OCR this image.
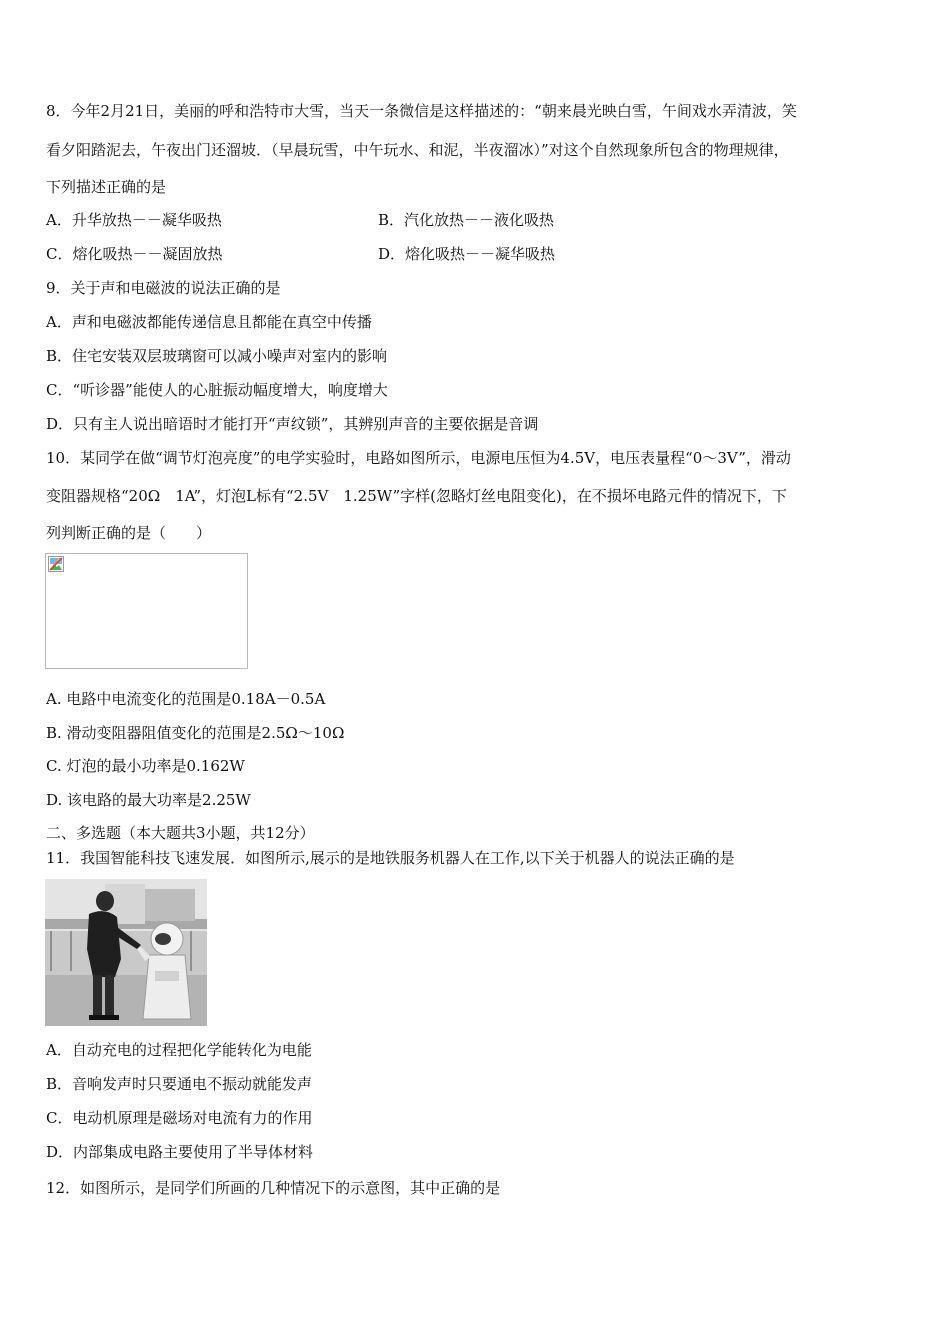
8．今年2月21日，美丽的呼和浩特市大雪，当天一条微信是这样描述的：“朝来晨光映白雪，午间戏水弄清波，笑
看夕阳踏泥去，午夜出门还溜坡．（早晨玩雪，中午玩水、和泥，半夜溜冰）”对这个自然现象所包含的物理规律，
下列描述正确的是
A．升华放热－－凝华吸热	B．汽化放热－－液化吸热
C．熔化吸热－－凝固放热	D．熔化吸热－－凝华吸热
9．关于声和电磁波的说法正确的是
A．声和电磁波都能传递信息且都能在真空中传播
B．住宅安装双层玻璃窗可以减小噪声对室内的影响
C．“听诊器”能使人的心脏振动幅度增大，响度增大
D．只有主人说出暗语时才能打开“声纹锁”，其辨别声音的主要依据是音调
10．某同学在做“调节灯泡亮度”的电学实验时，电路如图所示，电源电压恒为4.5V，电压表量程“0～3V”，滑动
变阻器规格“20Ω　1A”，灯泡L标有“2.5V　1.25W”字样(忽略灯丝电阻变化)，在不损坏电路元件的情况下，下
列判断正确的是（　　）
A. 电路中电流变化的范围是0.18A－0.5A
B. 滑动变阻器阻值变化的范围是2.5Ω～10Ω
C. 灯泡的最小功率是0.162W
D. 该电路的最大功率是2.25W
二、多选题（本大题共3小题，共12分）
11．我国智能科技飞速发展．如图所示,展示的是地铁服务机器人在工作,以下关于机器人的说法正确的是
A．自动充电的过程把化学能转化为电能
B．音响发声时只要通电不振动就能发声
C．电动机原理是磁场对电流有力的作用
D．内部集成电路主要使用了半导体材料
12．如图所示，是同学们所画的几种情况下的示意图，其中正确的是
